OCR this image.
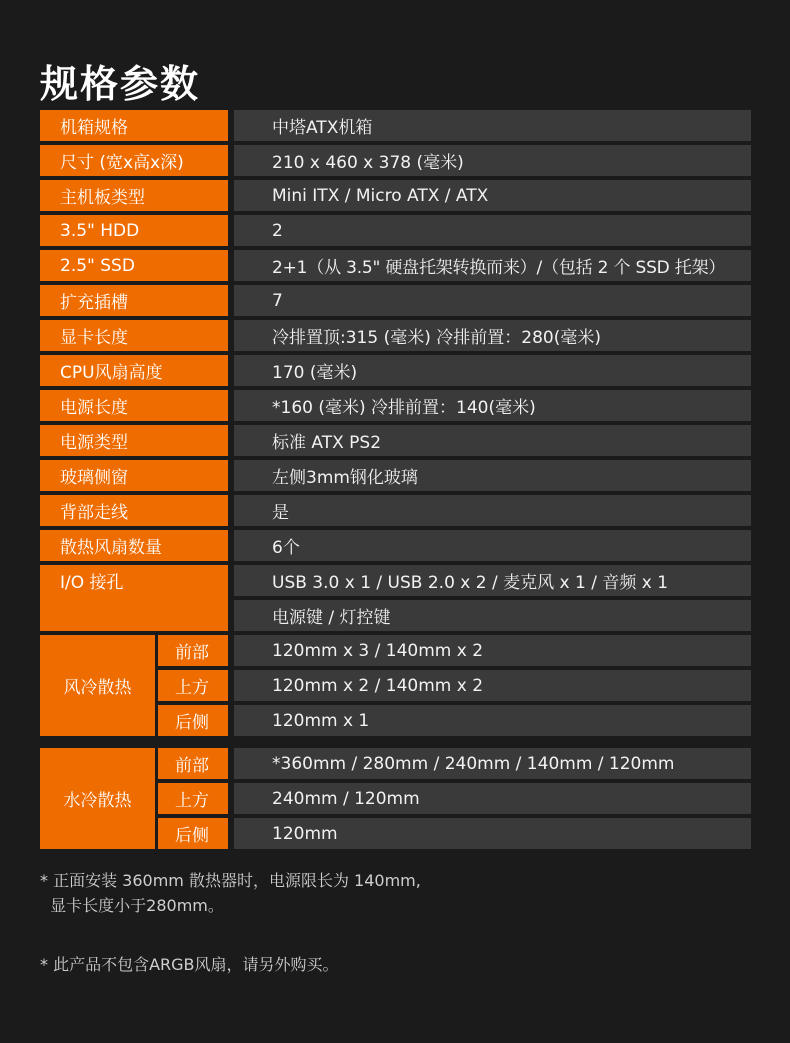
规格参数
机箱规格	中塔ATX机箱
尺寸 (宽x高x深)	210 x 460 x 378 (毫米)
主机板类型	Mini ITX / Micro ATX / ATX
3.5" HDD	2
2.5" SSD	2+1（从 3.5" 硬盘托架转换而来）/（包括 2 个 SSD 托架）
扩充插槽	7
显卡长度	冷排置顶:315 (毫米) 冷排前置：280(毫米)
CPU风扇高度	170 (毫米)
电源长度	*160 (毫米) 冷排前置：140(毫米)
电源类型	标准 ATX PS2
玻璃侧窗	左侧3mm钢化玻璃
背部走线	是
散热风扇数量	6个
I/O 接孔	USB 3.0 x 1 / USB 2.0 x 2 / 麦克风 x 1 / 音频 x 1
电源键 / 灯控键
风冷散热
前部	120mm x 3 / 140mm x 2
上方	120mm x 2 / 140mm x 2
后侧	120mm x 1
水冷散热
前部	*360mm / 280mm / 240mm / 140mm / 120mm
上方	240mm / 120mm
后侧	120mm

* 正面安装 360mm 散热器时，电源限长为 140mm,

显卡长度小于280mm。

* 此产品不包含ARGB风扇，请另外购买。
